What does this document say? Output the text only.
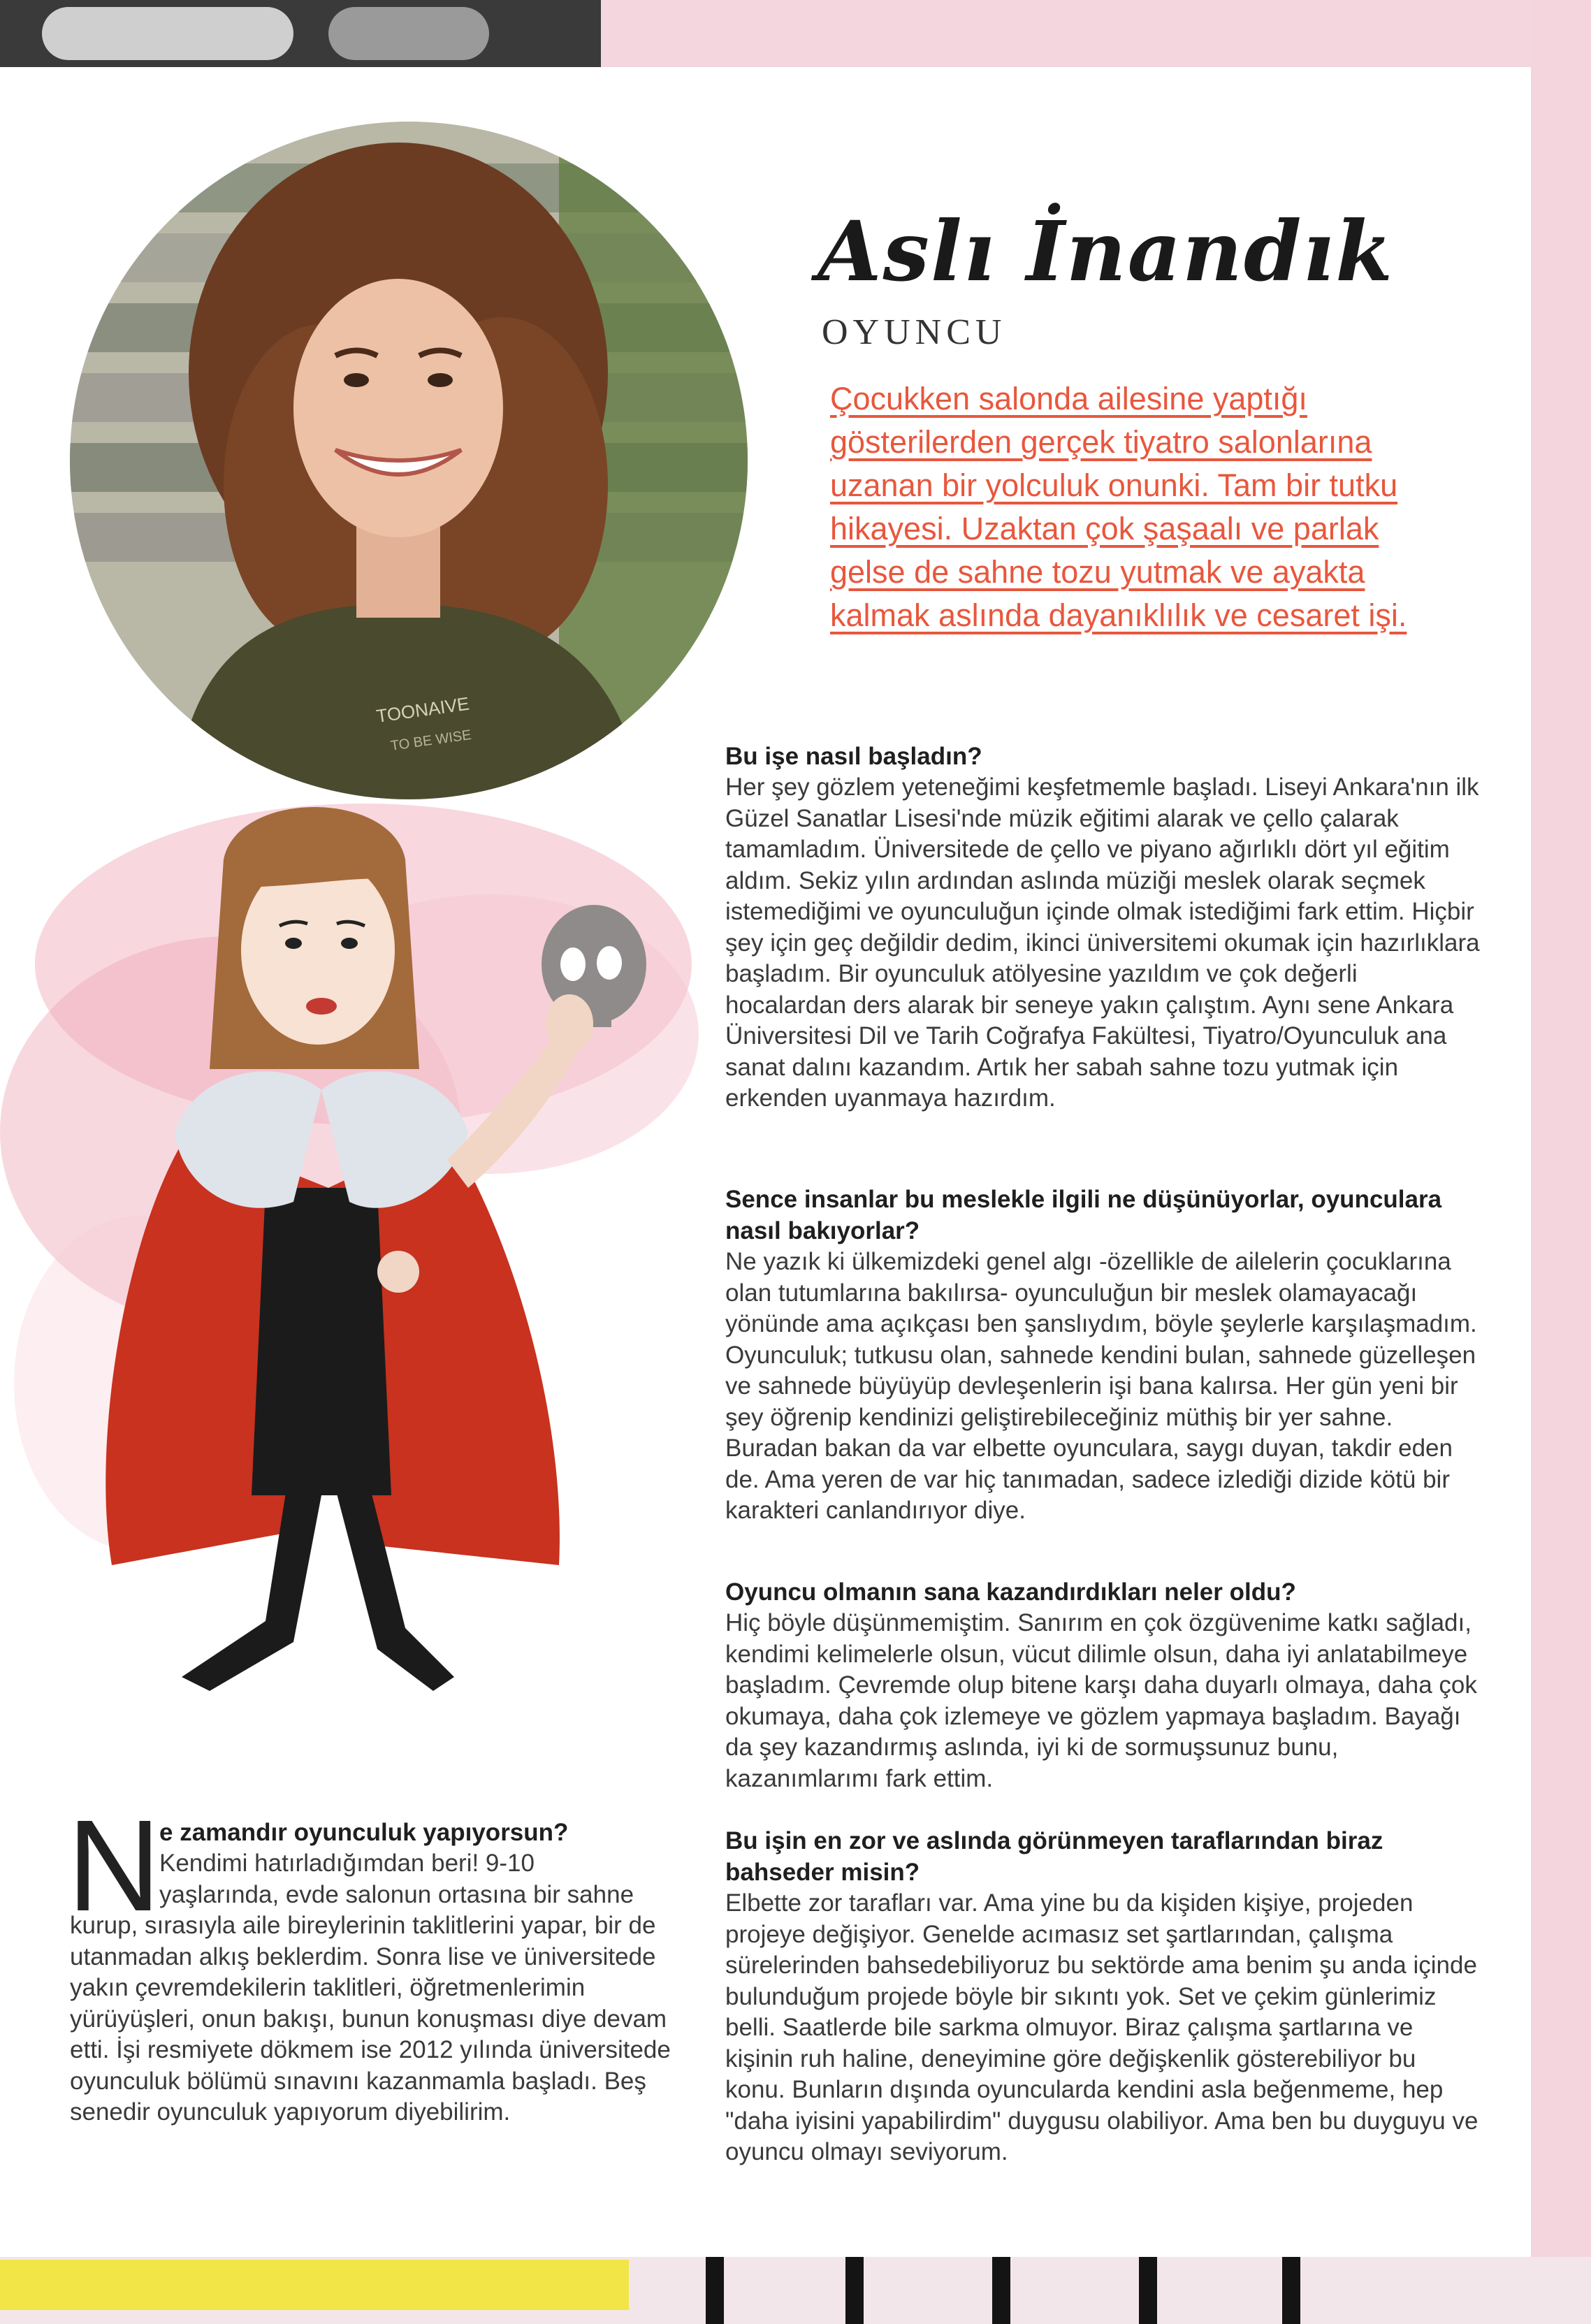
TOONAIVE
TO BE WISE
Aslı İnandık

OYUNCU

Çocukken salonda ailesine yaptığı gösterilerden gerçek tiyatro salonlarına uzanan bir yolculuk onunki. Tam bir tutku hikayesi. Uzaktan çok şaşaalı ve parlak gelse de sahne tozu yutmak ve ayakta kalmak aslında dayanıklılık ve cesaret işi.

Bu işe nasıl başladın?

Her şey gözlem yeteneğimi keşfetmemle başladı. Liseyi Ankara'nın ilk Güzel Sanatlar Lisesi'nde müzik eğitimi alarak ve çello çalarak tamamladım. Üniversitede de çello ve piyano ağırlıklı dört yıl eğitim aldım. Sekiz yılın ardından aslında müziği meslek olarak seçmek istemediğimi ve oyunculuğun içinde olmak istediğimi fark ettim. Hiçbir şey için geç değildir dedim, ikinci üniversitemi okumak için hazırlıklara başladım. Bir oyunculuk atölyesine yazıldım ve çok değerli hocalardan ders alarak bir seneye yakın çalıştım. Aynı sene Ankara Üniversitesi Dil ve Tarih Coğrafya Fakültesi, Tiyatro/Oyunculuk ana sanat dalını kazandım. Artık her sabah sahne tozu yutmak için erkenden uyanmaya hazırdım.

Sence insanlar bu meslekle ilgili ne düşünüyorlar, oyunculara nasıl bakıyorlar?

Ne yazık ki ülkemizdeki genel algı -özellikle de ailelerin çocuklarına olan tutumlarına bakılırsa- oyunculuğun bir meslek olamayacağı yönünde ama açıkçası ben şanslıydım, böyle şeylerle karşılaşmadım. Oyunculuk; tutkusu olan, sahnede kendini bulan, sahnede güzelleşen ve sahnede büyüyüp devleşenlerin işi bana kalırsa. Her gün yeni bir şey öğrenip kendinizi geliştirebileceğiniz müthiş bir yer sahne. Buradan bakan da var elbette oyunculara, saygı duyan, takdir eden de. Ama yeren de var hiç tanımadan, sadece izlediği dizide kötü bir karakteri canlandırıyor diye.

Oyuncu olmanın sana kazandırdıkları neler oldu?

Hiç böyle düşünmemiştim. Sanırım en çok özgüvenime katkı sağladı, kendimi kelimelerle olsun, vücut dilimle olsun, daha iyi anlatabilmeye başladım. Çevremde olup bitene karşı daha duyarlı olmaya, daha çok okumaya, daha çok izlemeye ve gözlem yapmaya başladım. Bayağı da şey kazandırmış aslında, iyi ki de sormuşsunuz bunu, kazanımlarımı fark ettim.

Bu işin en zor ve aslında görünmeyen taraflarından biraz bahseder misin?

Elbette zor tarafları var. Ama yine bu da kişiden kişiye, projeden projeye değişiyor. Genelde acımasız set şartlarından, çalışma sürelerinden bahsedebiliyoruz bu sektörde ama benim şu anda içinde bulunduğum projede böyle bir sıkıntı yok. Set ve çekim günlerimiz belli. Saatlerde bile sarkma olmuyor. Biraz çalışma şartlarına ve kişinin ruh haline, deneyimine göre değişkenlik gösterebiliyor bu konu. Bunların dışında oyuncularda kendini asla beğenmeme, hep "daha iyisini yapabilirdim" duygusu olabiliyor. Ama ben bu duyguyu ve oyuncu olmayı seviyorum.

N

e zamandır oyunculuk yapıyorsun?

Kendimi hatırladığımdan beri! 9-10

yaşlarında, evde salonun ortasına bir sahne

kurup, sırasıyla aile bireylerinin taklitlerini yapar, bir de utanmadan alkış beklerdim. Sonra lise ve üniversitede yakın çevremdekilerin taklitleri, öğretmenlerimin yürüyüşleri, onun bakışı, bunun konuşması diye devam etti. İşi resmiyete dökmem ise 2012 yılında üniversitede oyunculuk bölümü sınavını kazanmamla başladı. Beş senedir oyunculuk yapıyorum diyebilirim.
